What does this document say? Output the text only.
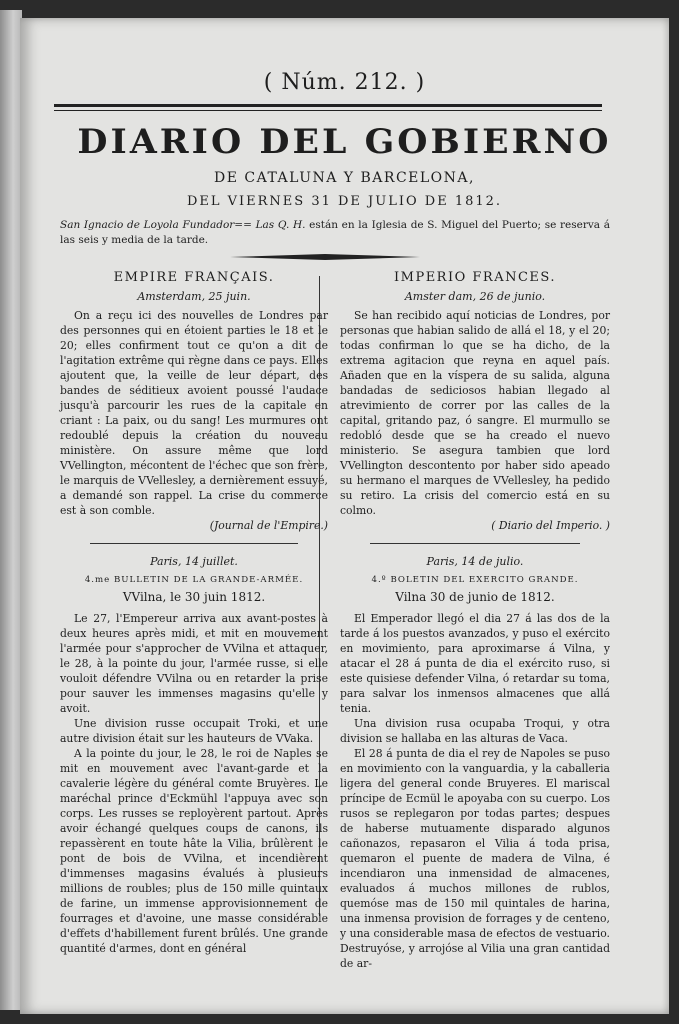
( Núm. 212. )
DIARIO DEL GOBIERNO
DE CATALUNA Y BARCELONA,
DEL VIERNES 31 DE JULIO DE 1812.
San Ignacio de Loyola Fundador== Las Q. H. están en la Iglesia de S. Miguel del Puerto; se reserva á las seis y media de la tarde.
EMPIRE FRANÇAIS.
Amsterdam, 25 juin.

On a reçu ici des nouvelles de Londres par des personnes qui en étoient parties le 18 et le 20; elles confirment tout ce qu'on a dit de l'agitation extrême qui règne dans ce pays. Elles ajoutent que, la veille de leur départ, des bandes de séditieux avoient poussé l'audace jusqu'à parcourir les rues de la capitale en criant : La paix, ou du sang! Les murmures ont redoublé depuis la création du nouveau ministère. On assure même que lord VVellington, mécontent de l'échec que son frère, le marquis de VVellesley, a dernièrement essuyé, a demandé son rappel. La crise du commerce est à son comble.

(Journal de l'Empire.)

Paris, 14 juillet.
4.me BULLETIN DE LA GRANDE-ARMÉE.
VVilna, le 30 juin 1812.

Le 27, l'Empereur arriva aux avant-postes à deux heures après midi, et mit en mouvement l'armée pour s'approcher de VVilna et attaquer, le 28, à la pointe du jour, l'armée russe, si elle vouloit défendre VVilna ou en retarder la prise pour sauver les immenses magasins qu'elle y avoit.

Une division russe occupait Troki, et une autre division était sur les hauteurs de VVaka.

A la pointe du jour, le 28, le roi de Naples se mit en mouvement avec l'avant-garde et la cavalerie légère du général comte Bruyères. Le maréchal prince d'Eckmühl l'appuya avec son corps. Les russes se reployèrent partout. Après avoir échangé quelques coups de canons, ils repassèrent en toute hâte la Vilia, brûlèrent le pont de bois de VVilna, et incendièrent d'immenses magasins évalués à plusieurs millions de roubles; plus de 150 mille quintaux de farine, un immense approvisionnement de fourrages et d'avoine, une masse considérable d'effets d'habillement furent brûlés. Une grande quantité d'armes, dont en général

IMPERIO FRANCES.
Amster dam, 26 de junio.

Se han recibido aquí noticias de Londres, por personas que habian salido de allá el 18, y el 20; todas confirman lo que se ha dicho, de la extrema agitacion que reyna en aquel país. Añaden que en la víspera de su salida, alguna bandadas de sediciosos habian llegado al atrevimiento de correr por las calles de la capital, gritando paz, ó sangre. El murmullo se redobló desde que se ha creado el nuevo ministerio. Se asegura tambien que lord VVellington descontento por haber sido apeado su hermano el marques de VVellesley, ha pedido su retiro. La crisis del comercio está en su colmo.

( Diario del Imperio. )

Paris, 14 de julio.
4.º BOLETIN DEL EXERCITO GRANDE.
Vilna 30 de junio de 1812.

El Emperador llegó el dia 27 á las dos de la tarde á los puestos avanzados, y puso el exército en movimiento, para aproximarse á Vilna, y atacar el 28 á punta de dia el exército ruso, si este quisiese defender Vilna, ó retardar su toma, para salvar los inmensos almacenes que allá tenia.

Una division rusa ocupaba Troqui, y otra division se hallaba en las alturas de Vaca.

El 28 á punta de dia el rey de Napoles se puso en movimiento con la vanguardia, y la caballeria ligera del general conde Bruyeres. El mariscal príncipe de Ecmül le apoyaba con su cuerpo. Los rusos se replegaron por todas partes; despues de haberse mutuamente disparado algunos cañonazos, repasaron el Vilia á toda prisa, quemaron el puente de madera de Vilna, é incendiaron una inmensidad de almacenes, evaluados á muchos millones de rublos, quemóse mas de 150 mil quintales de harina, una inmensa provision de forrages y de centeno, y una considerable masa de efectos de vestuario. Destruyóse, y arrojóse al Vilia una gran cantidad de ar-
